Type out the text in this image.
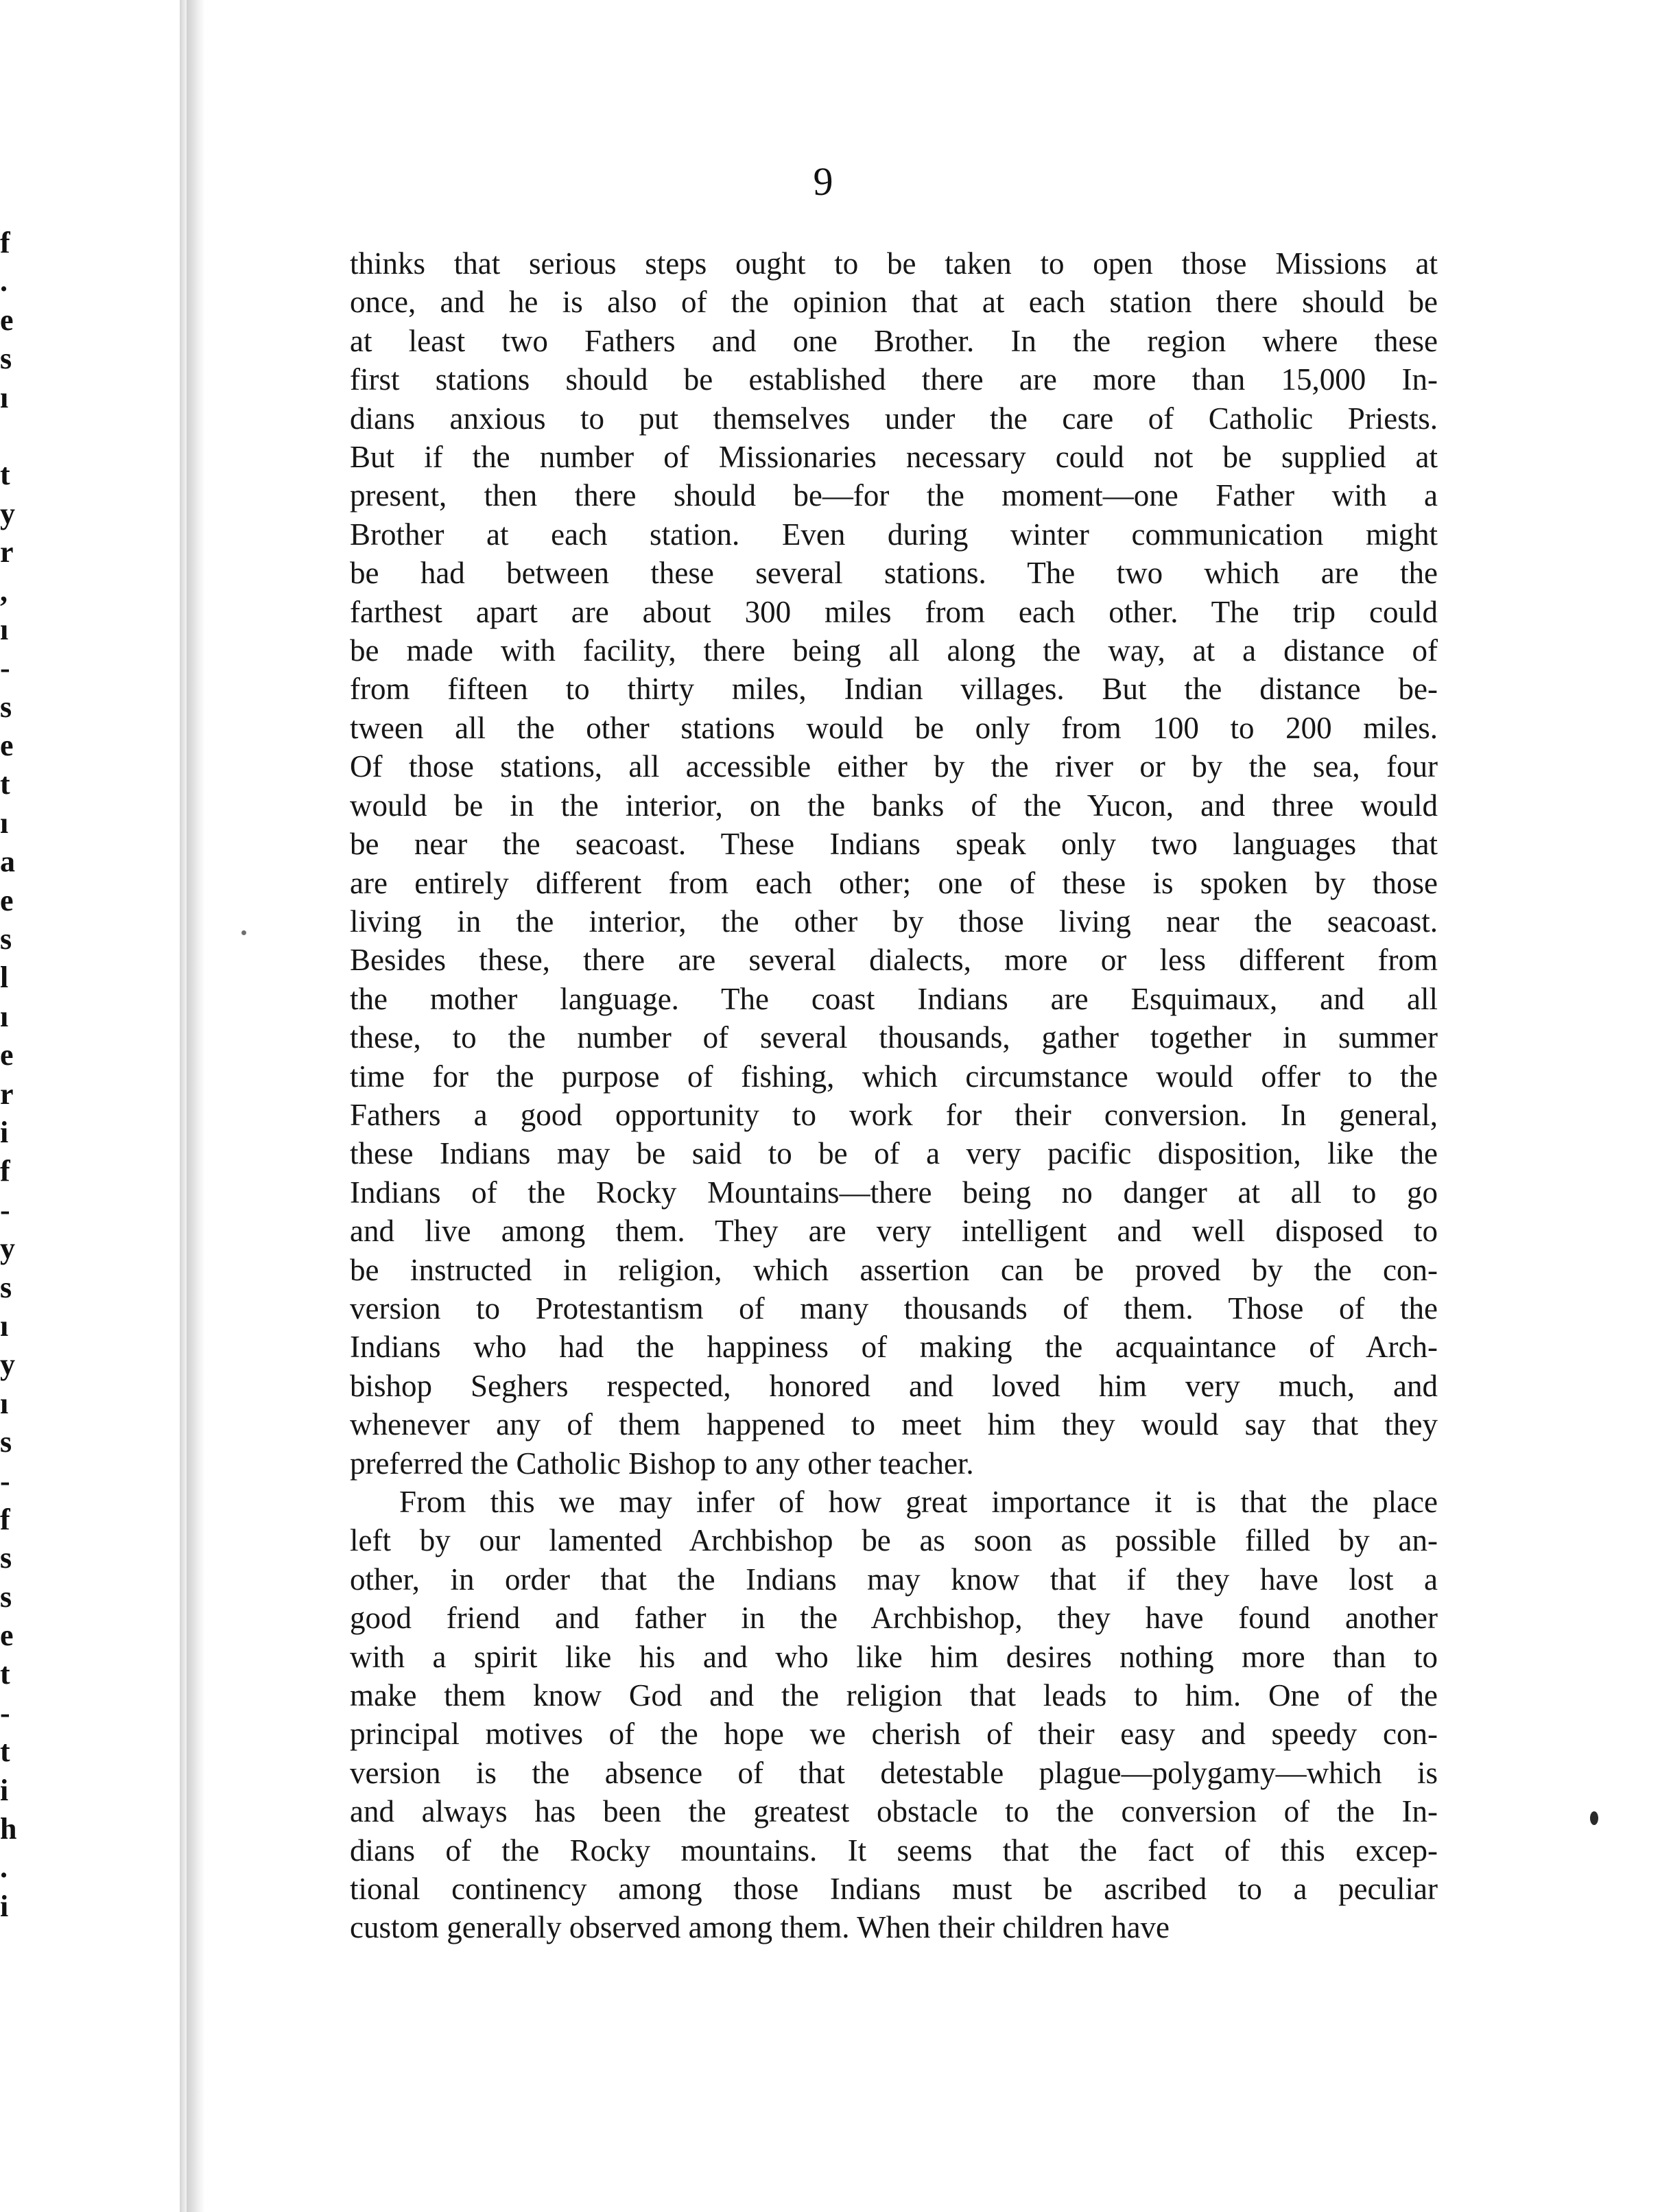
f
.
e
s
ı
t
y
r
,
ı
-
s
e
t
ı
a
e
s
l
ı
e
r
i
f
-
y
s
ı
y
ı
s
-
f
s
s
e
t
-
t
i
h
.
i
9

thinks that serious steps ought to be taken to open those Missions at
once, and he is also of the opinion that at each station there should be
at least two Fathers and one Brother. In the region where these
first stations should be established there are more than 15,000 In-
dians anxious to put themselves under the care of Catholic Priests.
But if the number of Missionaries necessary could not be supplied at
present, then there should be—for the moment—one Father with a
Brother at each station. Even during winter communication might
be had between these several stations. The two which are the
farthest apart are about 300 miles from each other. The trip could
be made with facility, there being all along the way, at a distance of
from fifteen to thirty miles, Indian villages. But the distance be-
tween all the other stations would be only from 100 to 200 miles.
Of those stations, all accessible either by the river or by the sea, four
would be in the interior, on the banks of the Yucon, and three would
be near the seacoast. These Indians speak only two languages that
are entirely different from each other; one of these is spoken by those
living in the interior, the other by those living near the seacoast.
Besides these, there are several dialects, more or less different from
the mother language. The coast Indians are Esquimaux, and all
these, to the number of several thousands, gather together in summer
time for the purpose of fishing, which circumstance would offer to the
Fathers a good opportunity to work for their conversion. In general,
these Indians may be said to be of a very pacific disposition, like the
Indians of the Rocky Mountains—there being no danger at all to go
and live among them. They are very intelligent and well disposed to
be instructed in religion, which assertion can be proved by the con-
version to Protestantism of many thousands of them. Those of the
Indians who had the happiness of making the acquaintance of Arch-
bishop Seghers respected, honored and loved him very much, and
whenever any of them happened to meet him they would say that they
preferred the Catholic Bishop to any other teacher.

From this we may infer of how great importance it is that the place
left by our lamented Archbishop be as soon as possible filled by an-
other, in order that the Indians may know that if they have lost a
good friend and father in the Archbishop, they have found another
with a spirit like his and who like him desires nothing more than to
make them know God and the religion that leads to him. One of the
principal motives of the hope we cherish of their easy and speedy con-
version is the absence of that detestable plague—polygamy—which is
and always has been the greatest obstacle to the conversion of the In-
dians of the Rocky mountains. It seems that the fact of this excep-
tional continency among those Indians must be ascribed to a peculiar
custom generally observed among them. When their children have
